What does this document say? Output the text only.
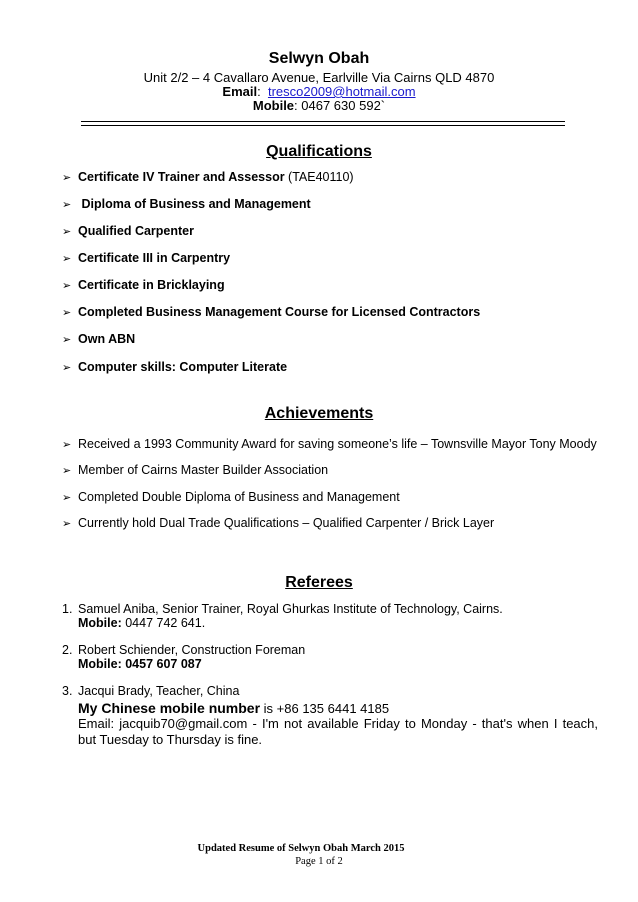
Selwyn Obah
Unit 2/2 – 4 Cavallaro Avenue, Earlville Via Cairns QLD 4870
Email:  tresco2009@hotmail.com
Mobile: 0467 630 592`
Qualifications
➢ Certificate IV Trainer and Assessor (TAE40110)
➢ Diploma of Business and Management
➢ Qualified Carpenter
➢ Certificate III in Carpentry
➢ Certificate in Bricklaying
➢ Completed Business Management Course for Licensed Contractors
➢ Own ABN
➢ Computer skills: Computer Literate
Achievements
➢ Received a 1993 Community Award for saving someone’s life – Townsville Mayor Tony Moody
➢ Member of Cairns Master Builder Association
➢ Completed Double Diploma of Business and Management
➢ Currently hold Dual Trade Qualifications – Qualified Carpenter / Brick Layer
Referees
1. Samuel Aniba, Senior Trainer, Royal Ghurkas Institute of Technology, Cairns.
Mobile: 0447 742 641.
2. Robert Schiender, Construction Foreman
Mobile: 0457 607 087
3. Jacqui Brady, Teacher, China
My Chinese mobile number is +86 135 6441 4185
Email: jacquib70@gmail.com - I'm not available Friday to Monday - that's when I teach, but Tuesday to Thursday is fine.
Updated Resume of Selwyn Obah March 2015
Page 1 of 2
